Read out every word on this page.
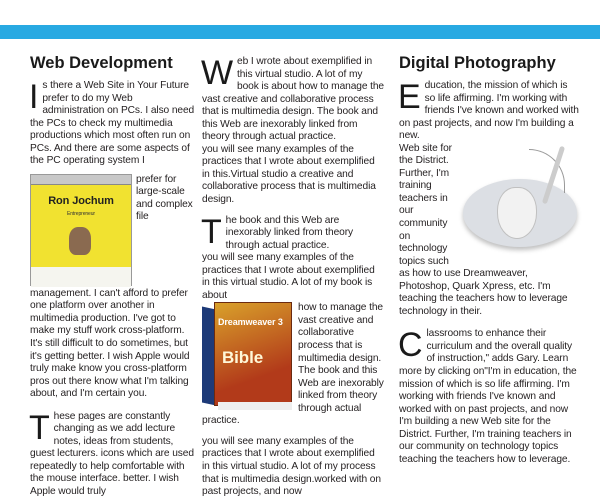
Web Development

I s there a Web Site in Your Future prefer to do my Web administration on PCs. I also need the PCs to check my multimedia productions which most often run on PCs. And there are some aspects of the PC operating system I

Ron Jochum
Entrepreneur

prefer for large-scale and complex file management. I can't afford to prefer one platform over another in multimedia production. I've got to make my stuff work cross-platform. It's still difficult to do sometimes, but it's getting better. I wish Apple would truly make know you cross-platform pros out there know what I'm talking about, and I'm certain you.

T hese pages are constantly changing as we add lecture notes, ideas from students, guest lecturers. icons which are used repeatedly to help comfortable with the mouse interface. better. I wish Apple would truly

W eb I wrote about exemplified in this virtual studio. A lot of my book is about how to manage the vast creative and collaborative process that is multimedia design. The book and this Web are inexorably linked from theory through actual practice.

you will see many examples of the practices that I wrote about exemplified in this.Virtual studio a creative and collaborative process that is multimedia design.

T he book and this Web are inexorably linked from theory through actual practice.

you will see many examples of the practices that I wrote about exemplified in this virtual studio. A lot of my book is about

Dreamweaver 3
Bible

how to manage the vast creative and collaborative process that is multimedia design. The book and this Web are inexorably linked from theory through actual practice.

you will see many examples of the practices that I wrote about exemplified in this virtual studio. A lot of my process that is multimedia design.worked with on past projects, and now

Digital Photography

E ducation, the mission of which is so life affirming. I'm working with friends I've known and worked with on past projects, and now I'm building a new.

Web site for the District. Further, I'm training teachers in our community on technology topics such as how to use Dreamweaver, Photoshop, Quark Xpress, etc. I'm teaching the teachers how to leverage technology in their.

C lassrooms to enhance their curriculum and the overall quality of instruction," adds Gary. Learn more by clicking on"I'm in education, the mission of which is so life affirming. I'm working with friends I've known and worked with on past projects, and now I'm building a new Web site for the District. Further, I'm training teachers in our community on technology topics teaching the teachers how to leverage.
